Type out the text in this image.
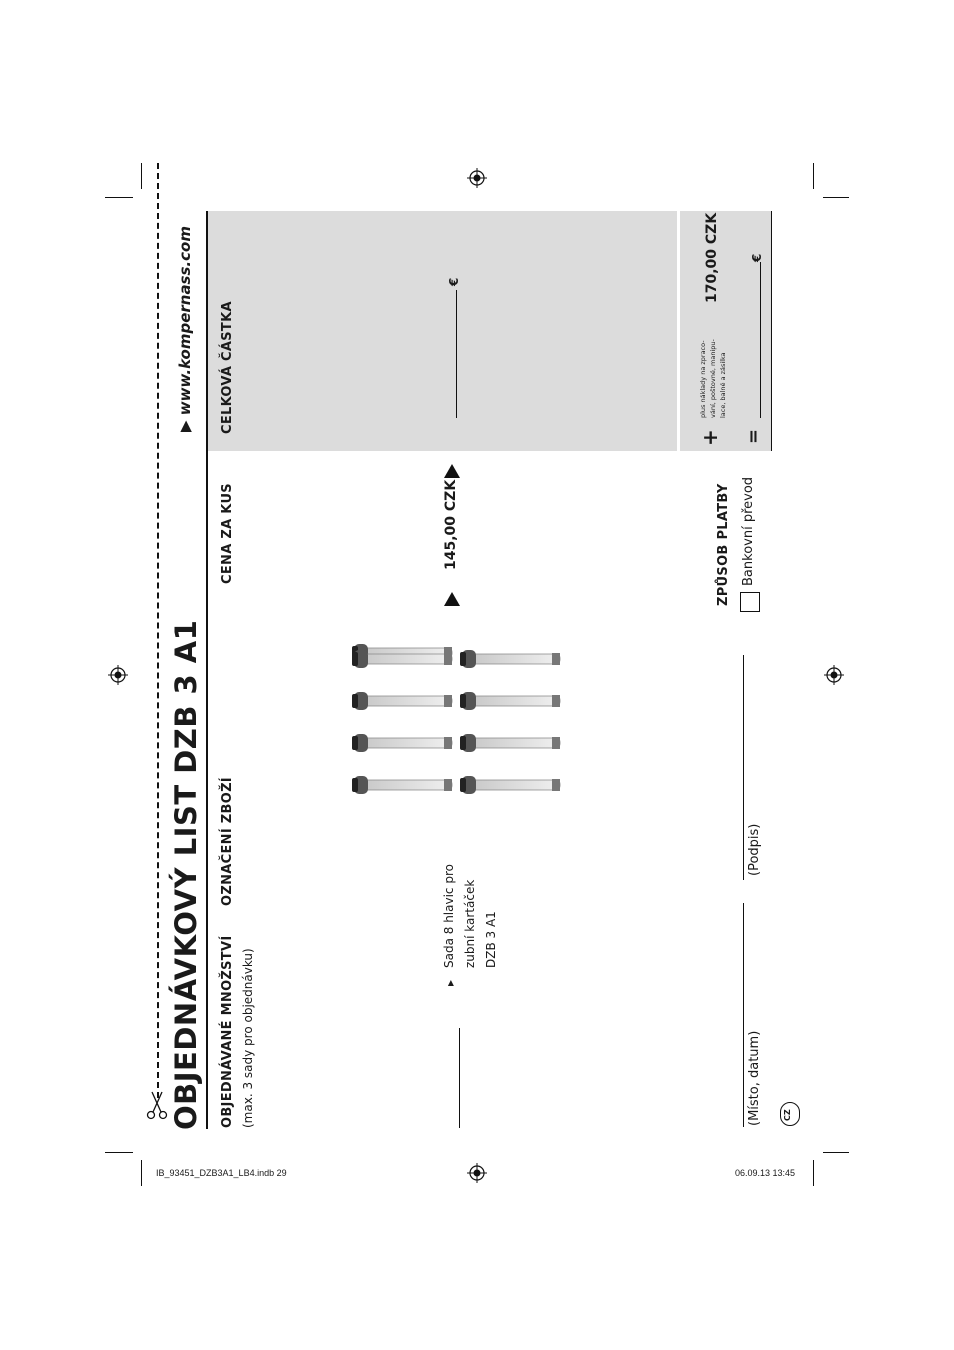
OBJEDNÁVKOVÝ LIST DZB 3 A1
▶ www.kompernass.com
OBJEDNÁVANÉ MNOŽSTVÍ (max. 3 sady pro objednávku)
OZNAČENÍ ZBOŽÍ
CENA ZA KUS
CELKOVÁ ČÁSTKA
▸
Sada 8 hlavic pro zubní kartáček DZB 3 A1
145,00 CZK
€
+
plus náklady na zpraco- vání, poštovné, manipu- lace, balné a zásilka
170,00 CZK
=
€
ZPŮSOB PLATBY Bankovní převod
(Místo, datum)
(Podpis)
CZ
IB_93451_DZB3A1_LB4.indb 29	06.09.13 13:45
